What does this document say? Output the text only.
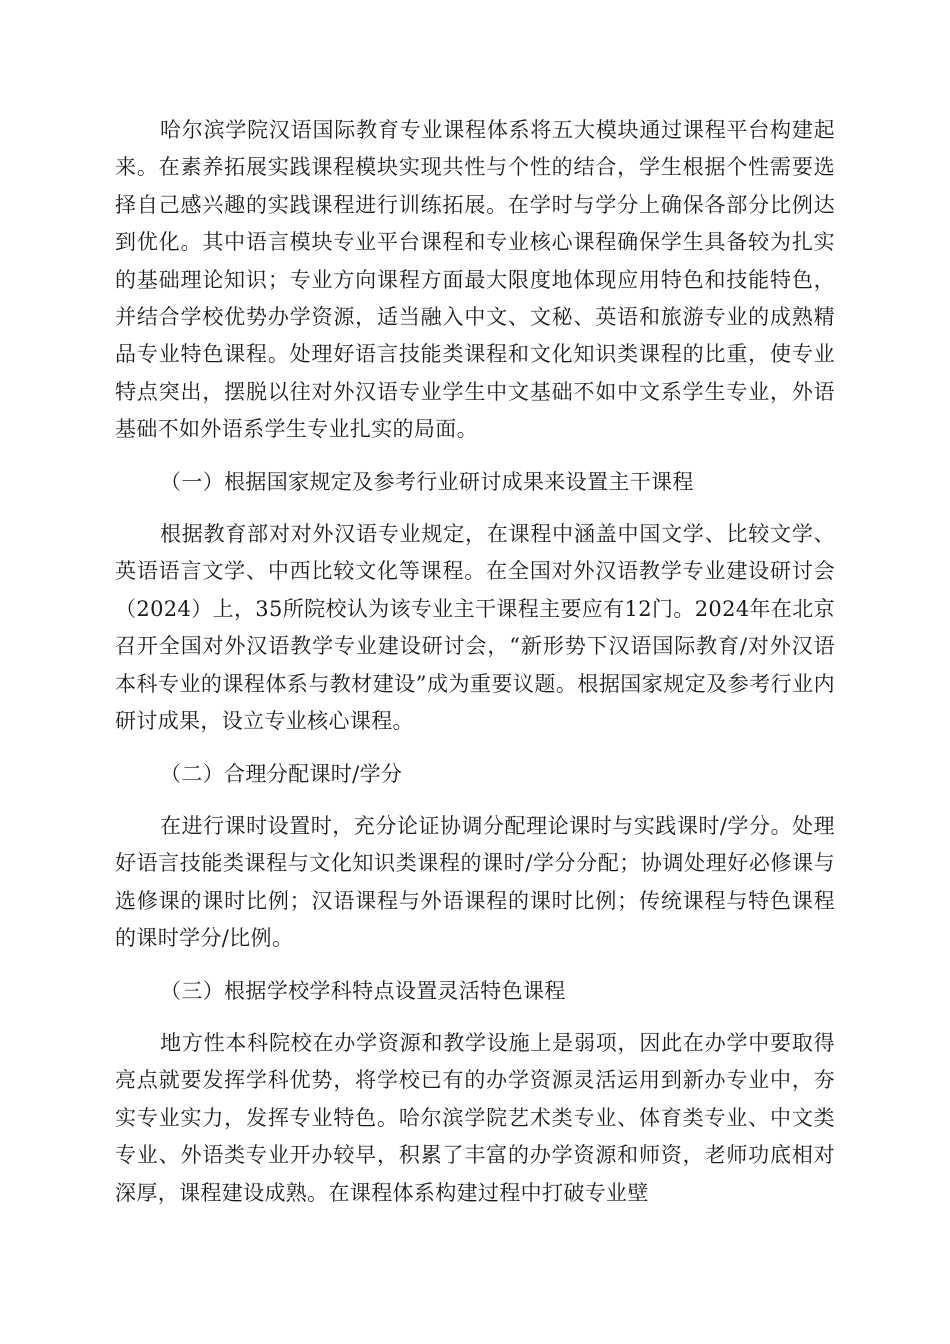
哈尔滨学院汉语国际教育专业课程体系将五大模块通过课程平台构建起来。在素养拓展实践课程模块实现共性与个性的结合，学生根据个性需要选择自己感兴趣的实践课程进行训练拓展。在学时与学分上确保各部分比例达到优化。其中语言模块专业平台课程和专业核心课程确保学生具备较为扎实的基础理论知识；专业方向课程方面最大限度地体现应用特色和技能特色，并结合学校优势办学资源，适当融入中文、文秘、英语和旅游专业的成熟精品专业特色课程。处理好语言技能类课程和文化知识类课程的比重，使专业特点突出，摆脱以往对外汉语专业学生中文基础不如中文系学生专业，外语基础不如外语系学生专业扎实的局面。

（一）根据国家规定及参考行业研讨成果来设置主干课程

根据教育部对对外汉语专业规定，在课程中涵盖中国文学、比较文学、英语语言文学、中西比较文化等课程。在全国对外汉语教学专业建设研讨会（2024）上，35所院校认为该专业主干课程主要应有12门。2024年在北京召开全国对外汉语教学专业建设研讨会，“新形势下汉语国际教育/对外汉语本科专业的课程体系与教材建设”成为重要议题。根据国家规定及参考行业内研讨成果，设立专业核心课程。

（二）合理分配课时/学分

在进行课时设置时，充分论证协调分配理论课时与实践课时/学分。处理好语言技能类课程与文化知识类课程的课时/学分分配；协调处理好必修课与选修课的课时比例；汉语课程与外语课程的课时比例；传统课程与特色课程的课时学分/比例。

（三）根据学校学科特点设置灵活特色课程

地方性本科院校在办学资源和教学设施上是弱项，因此在办学中要取得亮点就要发挥学科优势，将学校已有的办学资源灵活运用到新办专业中，夯实专业实力，发挥专业特色。哈尔滨学院艺术类专业、体育类专业、中文类专业、外语类专业开办较早，积累了丰富的办学资源和师资，老师功底相对深厚，课程建设成熟。在课程体系构建过程中打破专业壁
